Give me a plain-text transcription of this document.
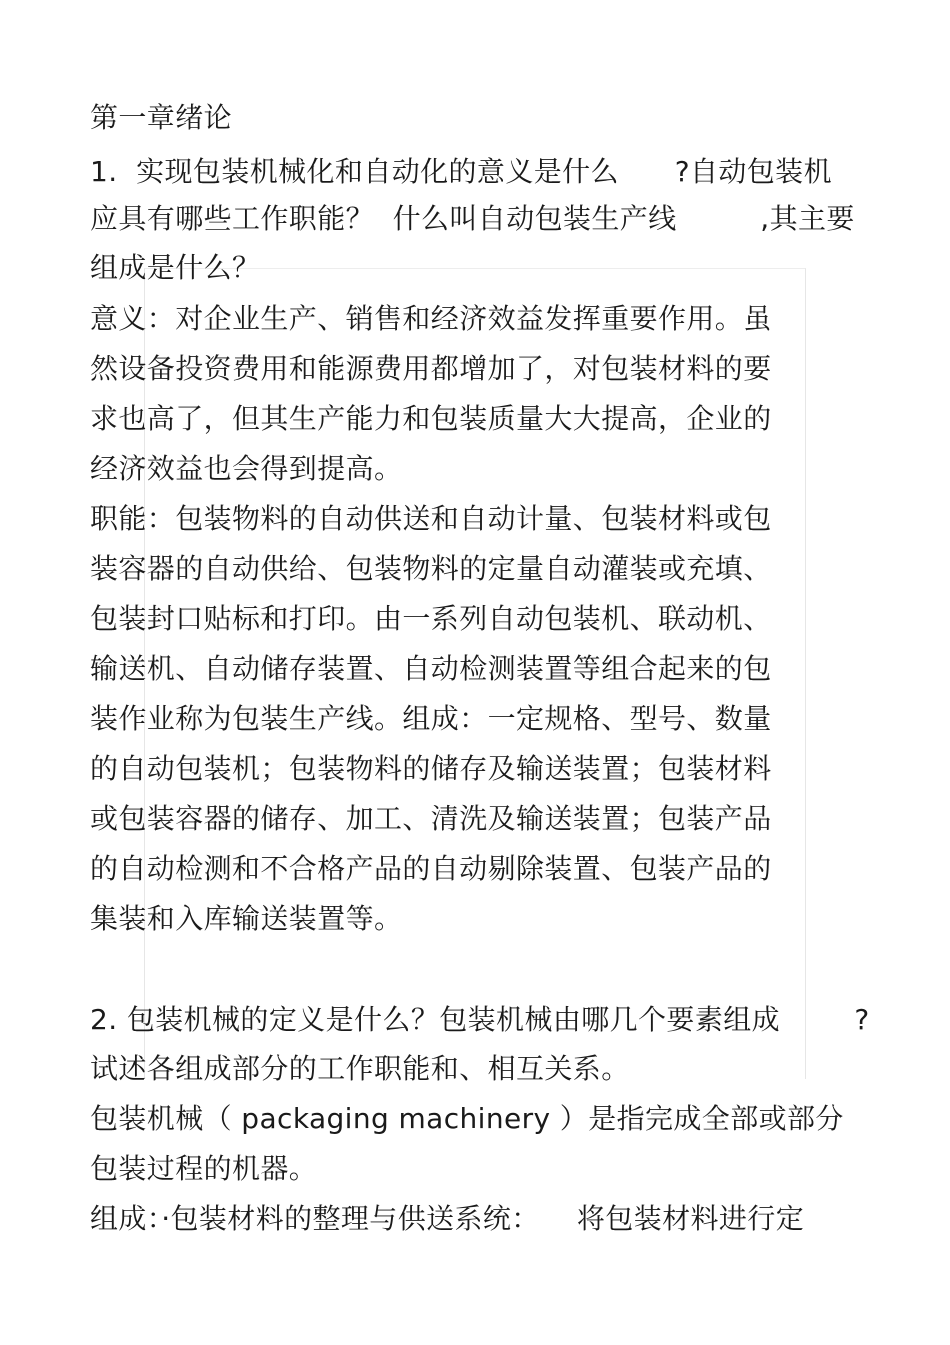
第一章绪论
1.  实现包装机械化和自动化的意义是什么      ?自动包装机
应具有哪些工作职能？  什么叫自动包装生产线         ,其主要
组成是什么？
意义：对企业生产、销售和经济效益发挥重要作用。虽
然设备投资费用和能源费用都增加了，对包装材料的要
求也高了，但其生产能力和包装质量大大提高，企业的
经济效益也会得到提高。
职能：包装物料的自动供送和自动计量、包装材料或包
装容器的自动供给、包装物料的定量自动灌装或充填、
包装封口贴标和打印。由一系列自动包装机、联动机、
输送机、自动储存装置、自动检测装置等组合起来的包
装作业称为包装生产线。组成：一定规格、型号、数量
的自动包装机；包装物料的储存及输送装置；包装材料
或包装容器的储存、加工、清洗及输送装置；包装产品
的自动检测和不合格产品的自动剔除装置、包装产品的
集装和入库输送装置等。
2. 包装机械的定义是什么？包装机械由哪几个要素组成        ?
试述各组成部分的工作职能和、相互关系。
包装机械（ packaging machinery ）是指完成全部或部分
包装过程的机器。
组成：·包装材料的整理与供送系统：    将包装材料进行定
